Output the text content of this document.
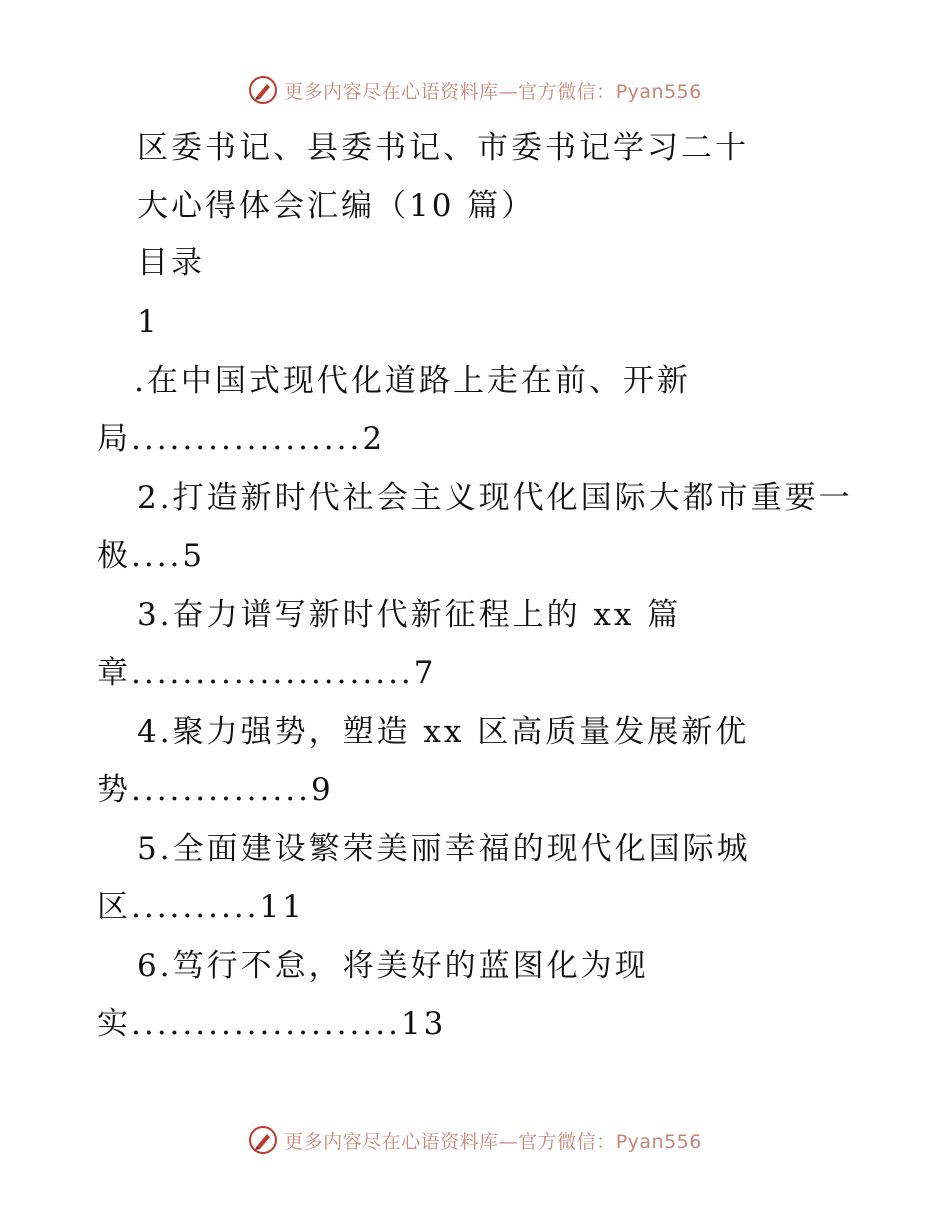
更多内容尽在心语资料库—官方微信：Pyan556
区委书记、县委书记、市委书记学习二十
大心得体会汇编（10 篇）
目录
1
.在中国式现代化道路上走在前、开新
局..................2
2.打造新时代社会主义现代化国际大都市重要一
极....5
3.奋力谱写新时代新征程上的 xx 篇
章......................7
4.聚力强势，塑造 xx 区高质量发展新优
势..............9
5.全面建设繁荣美丽幸福的现代化国际城
区..........11
6.笃行不怠，将美好的蓝图化为现
实.....................13
更多内容尽在心语资料库—官方微信：Pyan556
